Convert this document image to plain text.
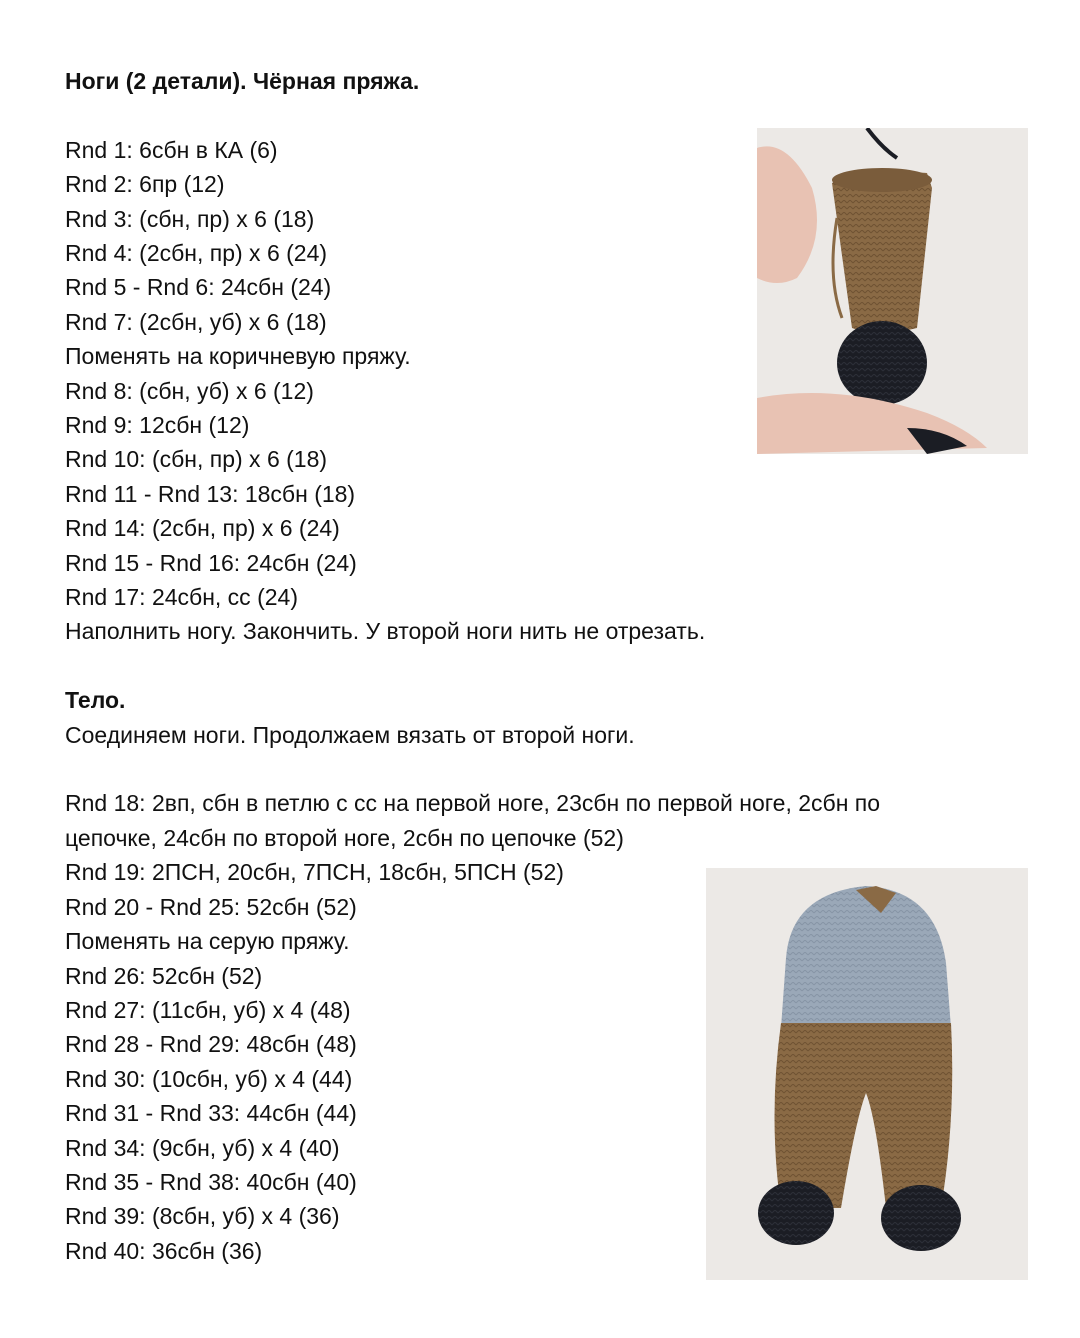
Ноги (2 детали). Чёрная пряжа.
Rnd 1: 6сбн в КА (6)
Rnd 2: 6пр (12)
Rnd 3: (сбн, пр) х 6 (18)
Rnd 4: (2сбн, пр) х 6 (24)
Rnd 5 - Rnd 6: 24сбн (24)
Rnd 7: (2сбн, уб) х 6 (18)
Поменять на коричневую пряжу.
Rnd 8: (сбн, уб) х 6 (12)
Rnd 9: 12сбн (12)
Rnd 10: (сбн, пр) х 6 (18)
Rnd 11 - Rnd 13: 18сбн (18)
Rnd 14: (2сбн, пр) х 6 (24)
Rnd 15 - Rnd 16: 24сбн (24)
Rnd 17: 24сбн, сс (24)
Наполнить ногу. Закончить. У второй ноги нить не отрезать.
Тело.
Соединяем ноги. Продолжаем вязать от второй ноги.
Rnd 18: 2вп, сбн в петлю с сс на первой ноге, 23сбн по первой ноге, 2сбн по
цепочке, 24сбн по второй ноге, 2сбн по цепочке (52)
Rnd 19: 2ПСН, 20сбн, 7ПСН, 18сбн, 5ПСН (52)
Rnd 20 - Rnd 25: 52сбн (52)
Поменять на серую пряжу.
Rnd 26: 52сбн (52)
Rnd 27: (11сбн, уб) х 4 (48)
Rnd 28 - Rnd 29: 48сбн (48)
Rnd 30: (10сбн, уб) х 4 (44)
Rnd 31 - Rnd 33: 44сбн (44)
Rnd 34: (9сбн, уб) х 4 (40)
Rnd 35 - Rnd 38: 40сбн (40)
Rnd 39: (8сбн, уб) х 4 (36)
Rnd 40: 36сбн (36)
